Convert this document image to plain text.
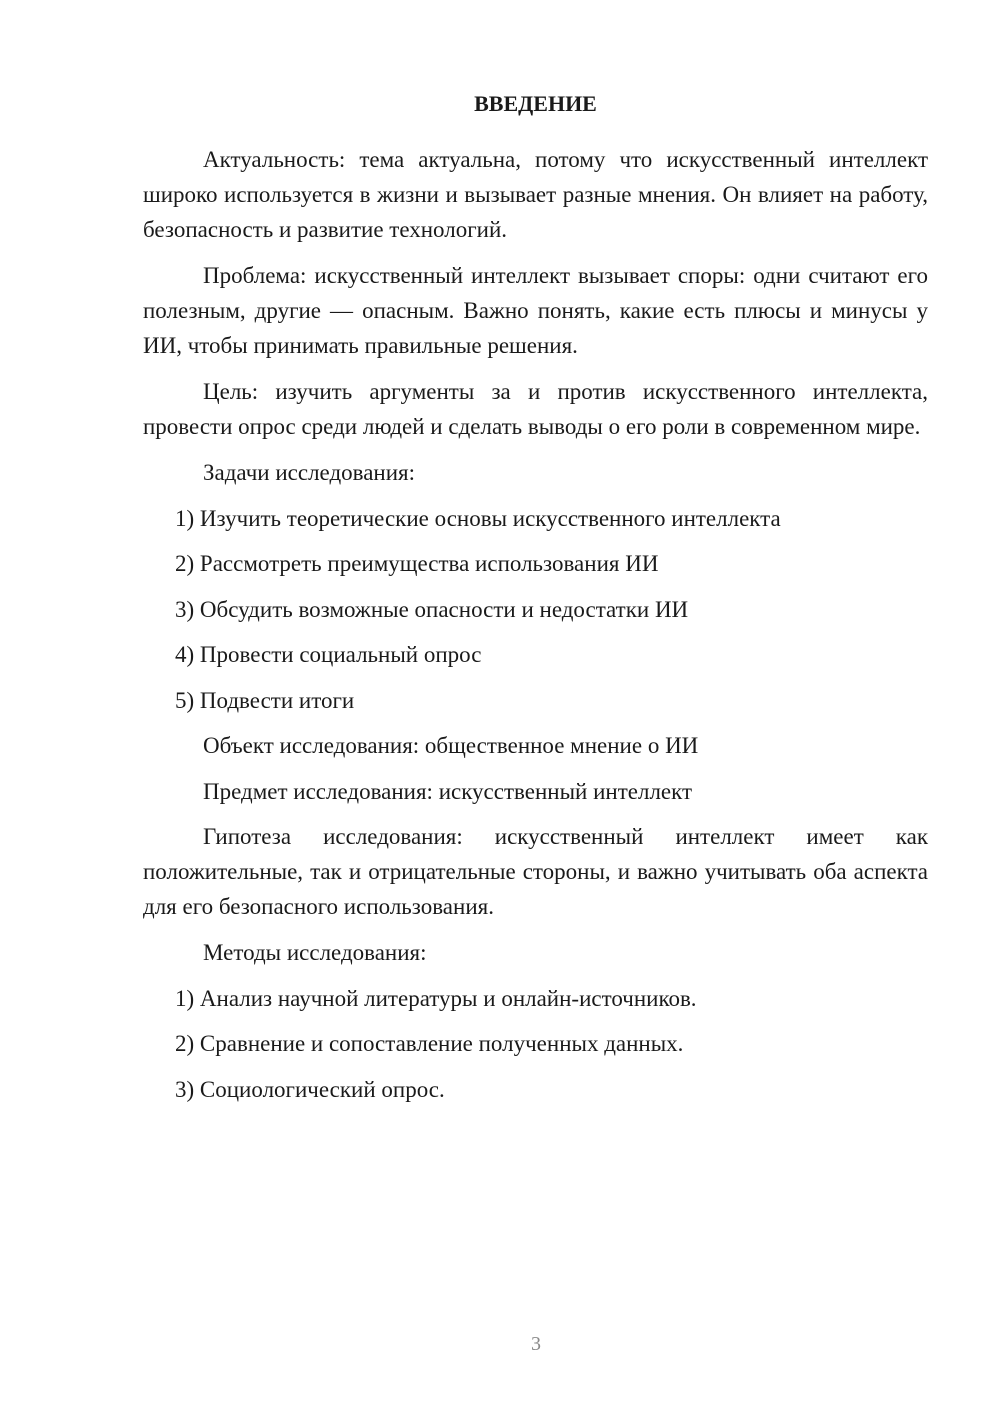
ВВЕДЕНИЕ

Актуальность: тема актуальна, потому что искусственный интеллект широко используется в жизни и вызывает разные мнения. Он влияет на работу, безопасность и развитие технологий.

Проблема: искусственный интеллект вызывает споры: одни считают его полезным, другие — опасным. Важно понять, какие есть плюсы и минусы у ИИ, чтобы принимать правильные решения.

Цель: изучить аргументы за и против искусственного интеллекта, провести опрос среди людей и сделать выводы о его роли в современном мире.

Задачи исследования:
1) Изучить теоретические основы искусственного интеллекта
2) Рассмотреть преимущества использования ИИ
3) Обсудить возможные опасности и недостатки ИИ
4) Провести социальный опрос
5) Подвести итоги
Объект исследования: общественное мнение о ИИ
Предмет исследования: искусственный интеллект

Гипотеза исследования: искусственный интеллект имеет как положительные, так и отрицательные стороны, и важно учитывать оба аспекта для его безопасного использования.

Методы исследования:
1) Анализ научной литературы и онлайн-источников.
2) Сравнение и сопоставление полученных данных.
3) Социологический опрос.
3
